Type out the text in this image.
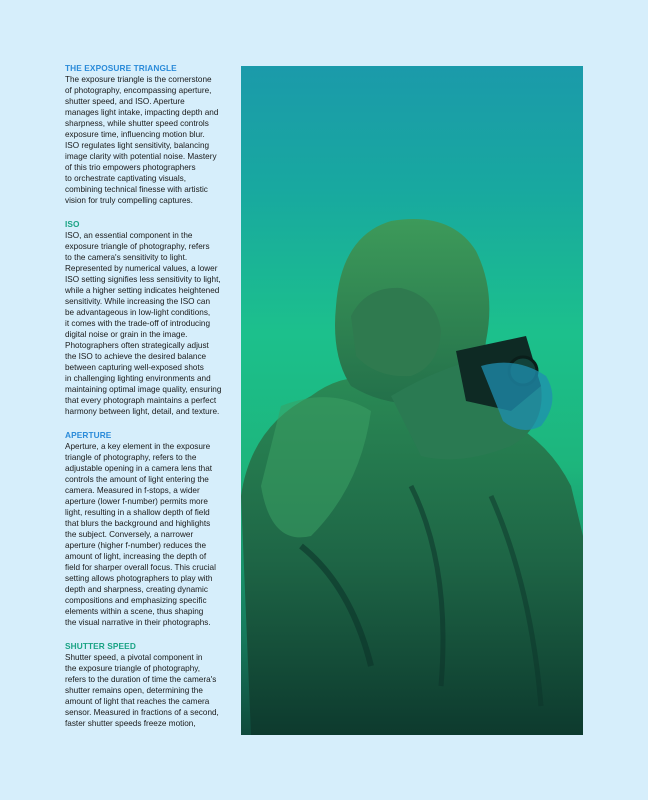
THE EXPOSURE TRIANGLE

The exposure triangle is the cornerstone
of photography, encompassing aperture,
shutter speed, and ISO. Aperture
manages light intake, impacting depth and
sharpness, while shutter speed controls
exposure time, influencing motion blur.
ISO regulates light sensitivity, balancing
image clarity with potential noise. Mastery
of this trio empowers photographers
to orchestrate captivating visuals,
combining technical finesse with artistic
vision for truly compelling captures.

ISO

ISO, an essential component in the
exposure triangle of photography, refers
to the camera's sensitivity to light.
Represented by numerical values, a lower
ISO setting signifies less sensitivity to light,
while a higher setting indicates heightened
sensitivity. While increasing the ISO can
be advantageous in low-light conditions,
it comes with the trade-off of introducing
digital noise or grain in the image.
Photographers often strategically adjust
the ISO to achieve the desired balance
between capturing well-exposed shots
in challenging lighting environments and
maintaining optimal image quality, ensuring
that every photograph maintains a perfect
harmony between light, detail, and texture.

APERTURE

Aperture, a key element in the exposure
triangle of photography, refers to the
adjustable opening in a camera lens that
controls the amount of light entering the
camera. Measured in f-stops, a wider
aperture (lower f-number) permits more
light, resulting in a shallow depth of field
that blurs the background and highlights
the subject. Conversely, a narrower
aperture (higher f-number) reduces the
amount of light, increasing the depth of
field for sharper overall focus. This crucial
setting allows photographers to play with
depth and sharpness, creating dynamic
compositions and emphasizing specific
elements within a scene, thus shaping
the visual narrative in their photographs.

SHUTTER SPEED

Shutter speed, a pivotal component in
the exposure triangle of photography,
refers to the duration of time the camera's
shutter remains open, determining the
amount of light that reaches the camera
sensor. Measured in fractions of a second,
faster shutter speeds freeze motion,
